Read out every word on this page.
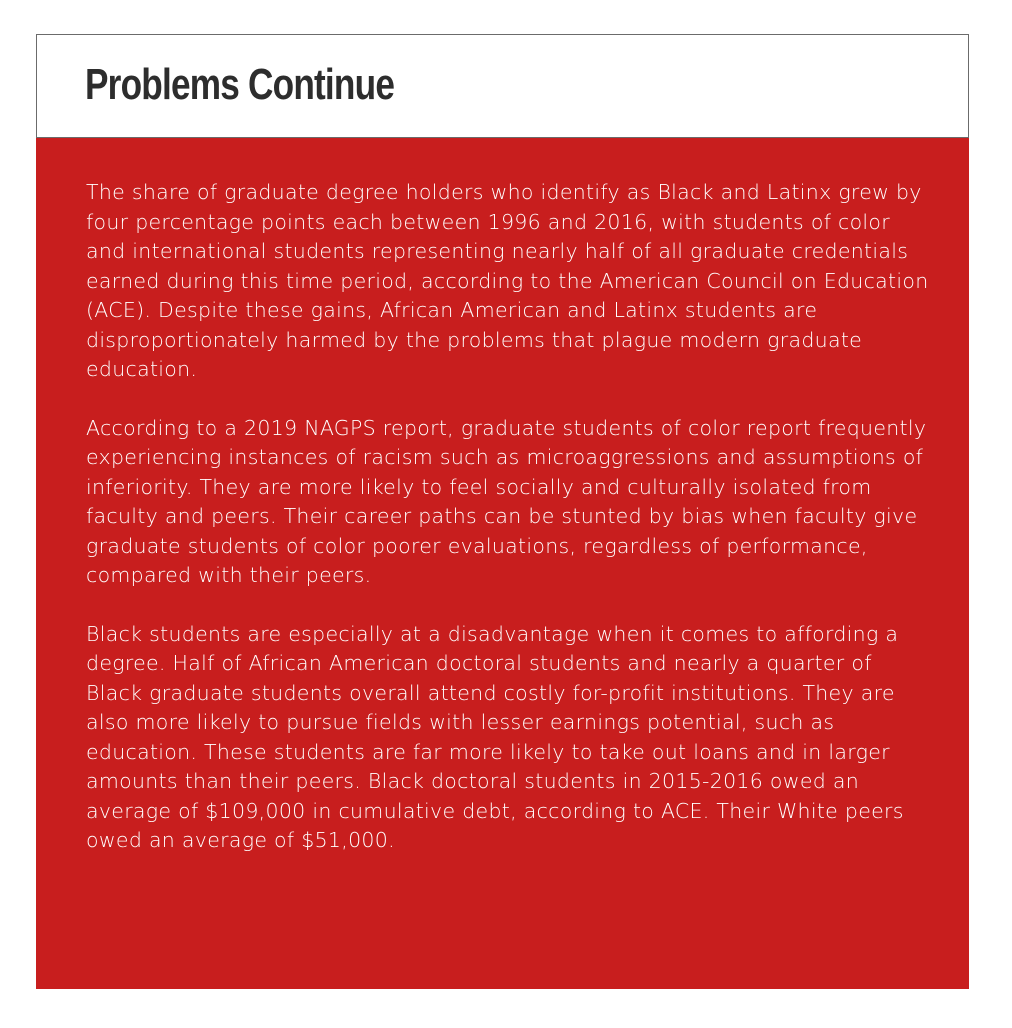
Problems Continue

The share of graduate degree holders who identify as Black and Latinx grew by four percentage points each between 1996 and 2016, with students of color and international students representing nearly half of all graduate credentials earned during this time period, according to the American Council on Education (ACE). Despite these gains, African American and Latinx students are disproportionately harmed by the problems that plague modern graduate education.

According to a 2019 NAGPS report, graduate students of color report frequently experiencing instances of racism such as microaggressions and assumptions of inferiority. They are more likely to feel socially and culturally isolated from faculty and peers. Their career paths can be stunted by bias when faculty give graduate students of color poorer evaluations, regardless of performance, compared with their peers.

Black students are especially at a disadvantage when it comes to affording a degree. Half of African American doctoral students and nearly a quarter of Black graduate students overall attend costly for-profit institutions. They are also more likely to pursue fields with lesser earnings potential, such as education. These students are far more likely to take out loans and in larger amounts than their peers. Black doctoral students in 2015-2016 owed an average of $109,000 in cumulative debt, according to ACE. Their White peers owed an average of $51,000.
